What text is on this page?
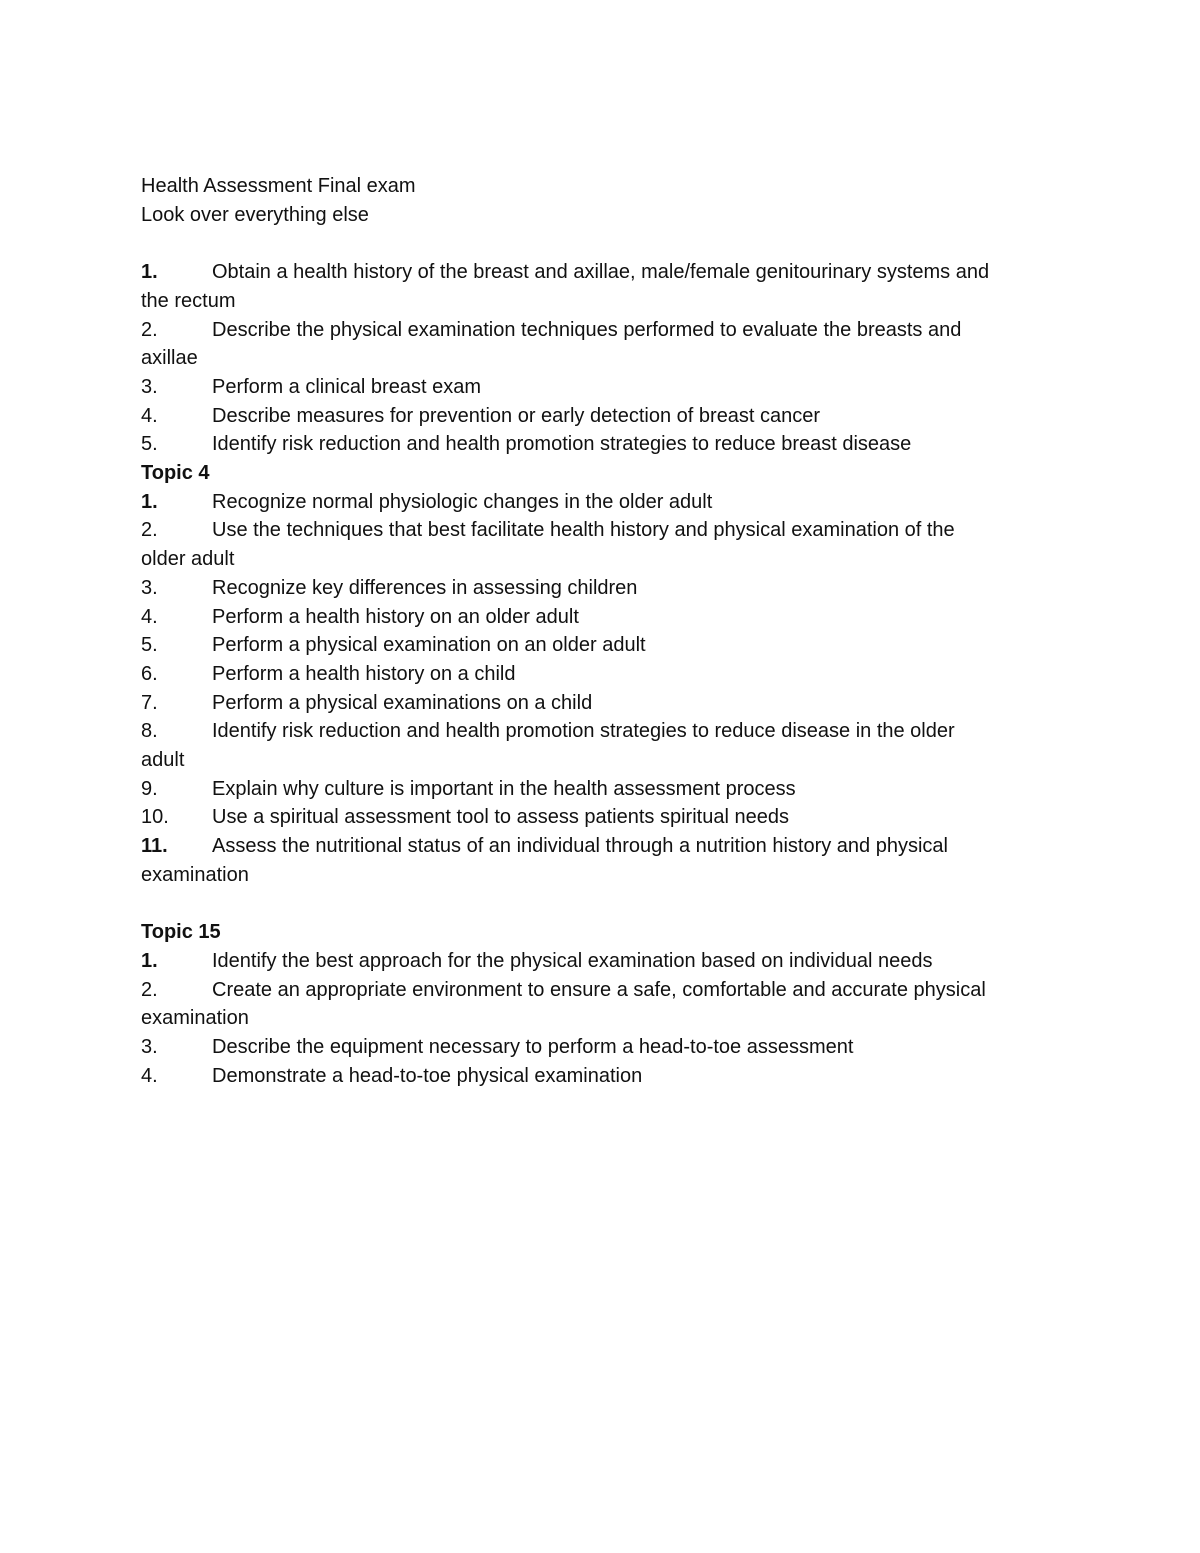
Health Assessment Final exam

Look over everything else

1.	Obtain a health history of the breast and axillae, male/female genitourinary systems and

the rectum

2.	Describe the physical examination techniques performed to evaluate the breasts and

axillae

3.	Perform a clinical breast exam
4.	Describe measures for prevention or early detection of breast cancer
5.	Identify risk reduction and health promotion strategies to reduce breast disease

Topic 4

1.	Recognize normal physiologic changes in the older adult
2.	Use the techniques that best facilitate health history and physical examination of the

older adult

3.	Recognize key differences in assessing children
4.	Perform a health history on an older adult
5.	Perform a physical examination on an older adult
6.	Perform a health history on a child
7.	Perform a physical examinations on a child
8.	Identify risk reduction and health promotion strategies to reduce disease in the older

adult

9.	Explain why culture is important in the health assessment process
10. Use a spiritual assessment tool to assess patients spiritual needs
11. Assess the nutritional status of an individual through a nutrition history and physical

examination

Topic 15

1.	Identify the best approach for the physical examination based on individual needs
2.	Create an appropriate environment to ensure a safe, comfortable and accurate physical

examination

3.	Describe the equipment necessary to perform a head-to-toe assessment
4.	Demonstrate a head-to-toe physical examination
